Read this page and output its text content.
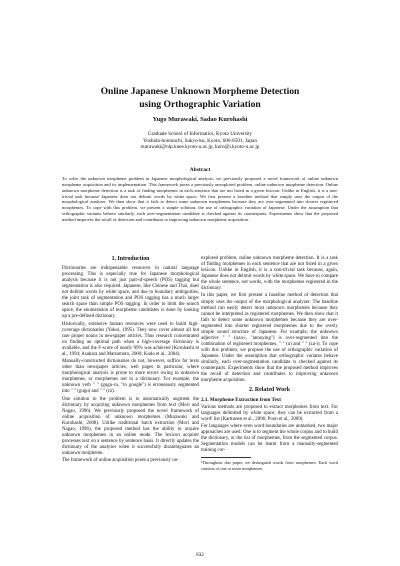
Online Japanese Unknown Morpheme Detection
using Orthographic Variation
Yugo Murawaki, Sadao Kurohashi
Graduate School of Informatics, Kyoto University
Yoshida-honmachi, Sakyo-ku, Kyoto, 606-8501, Japan
murawaki@nlp.kuee.kyoto-u.ac.jp, kuro@i.kyoto-u.ac.jp
Abstract
To solve the unknown morpheme problem in Japanese morphological analysis, we previously proposed a novel framework of online unknown morpheme acquisition and its implementation. This framework poses a previously unexplored problem, online unknown morpheme detection. Online unknown morpheme detection is a task of finding morphemes in each sentence that are not listed in a given lexicon. Unlike in English, it is a non-trivial task because Japanese does not delimit words by white space. We first present a baseline method that simply uses the output of the morphological analyzer. We then show that it fails to detect some unknown morphemes because they are over-segmented into shorter registered morphemes. To cope with this problem, we present a simple solution, the use of orthographic variation of Japanese. Under the assumption that orthographic variants behave similarly, each over-segmentation candidate is checked against its counterparts. Experiments show that the proposed method improves the recall of detection and contributes to improving unknown morpheme acquisition.
1. Introduction

Dictionaries are indispensable resources in natural language processing. This is especially true for Japanese morphological analysis because it is not just part-of-speech (POS) tagging but segmentation is also required. Japanese, like Chinese and Thai, does not delimit words by white space, and due to boundary ambiguities, the joint task of segmentation and POS tagging has a much larger search space than simple POS tagging. In order to limit the search space, the enumeration of morpheme candidates is done by looking up a pre-defined dictionary.

Historically, extensive human resources were used to build high-coverage dictionaries (Yokoi, 1995). They now cover almost all but rare proper nouns in newspaper articles. Thus research concentrated on finding an optimal path when a high-coverage dictionary is available, and the F-score of nearly 99% was achieved (Kurohashi et al., 1994; Asahara and Matsumoto, 2000; Kudo et al., 2004).

Manually-constructed dictionaries do not, however, suffice for texts other than newspaper articles, web pages in particular, where morphological analysis is prone to more errors owing to unknown morphemes, or morphemes not in a dictionary. For example, the unknown verb " " (gugu-ru, "to google") is erroneously segmented into " " (gugu) and " " (ru).

One solution to the problem is to automatically augment the dictionary by acquiring unknown morphemes from text (Mori and Nagao, 1996). We previously proposed the novel framework of online acquisition of unknown morphemes (Murawaki and Kurohashi, 2008). Unlike traditional batch extraction (Mori and Nagao, 1996), the proposed method has the ability to acquire unknown morphemes in an online mode. The lexicon acquirer processes text on a sentence by sentence basis. It directly updates the dictionary of the analyzer when it successfully disambiguates an unknown morpheme.

The framework of online acquisition poses a previously un-

explored problem, online unknown morpheme detection. It is a task of finding morphemes in each sentence that are not listed in a given lexicon. Unlike in English, it is a non-trivial task because, again, Japanese does not delimit words by white space. We have to compare the whole sentence, not words, with the morphemes registered in the dictionary.

In this paper, we first present a baseline method of detection that simply uses the output of the morphological analyzer. The baseline method can easily detect most unknown morphemes because they cannot be interpreted as registered morphemes. We then show that it fails to detect some unknown morphemes because they are over-segmented into shorter registered morphemes due to the overly simple sound structure of Japanese. For example, the unknown adjective " " (uza-i, "annoying") is over-segmented into the combination of registered morphemes, " " (u) and " " (za-i). To cope with this problem, we propose the use of orthographic variation of Japanese. Under the assumption that orthographic variants behave similarly, each over-segmentation candidate is checked against its counterparts. Experiments show that the proposed method improves the recall of detection and contributes to improving unknown morpheme acquisition.

2. Related Work
2.1. Morpheme Extraction from Text

Various methods are proposed to extract morphemes from text. For languages delimited by white space, they can be extracted from a word¹ list (Karttunen et al., 2006; Poon et al., 2009).

For languages where even word boundaries are unmarked, two major approaches are used. One is to segment the whole corpus and to build the dictionary, or the list of morphemes, from the segmented corpus. Segmentation models can be learnt from a manually-segmented training cor-

¹Throughout this paper, we distinguish words from morphemes. Each word consists of one or more morphemes.
832
